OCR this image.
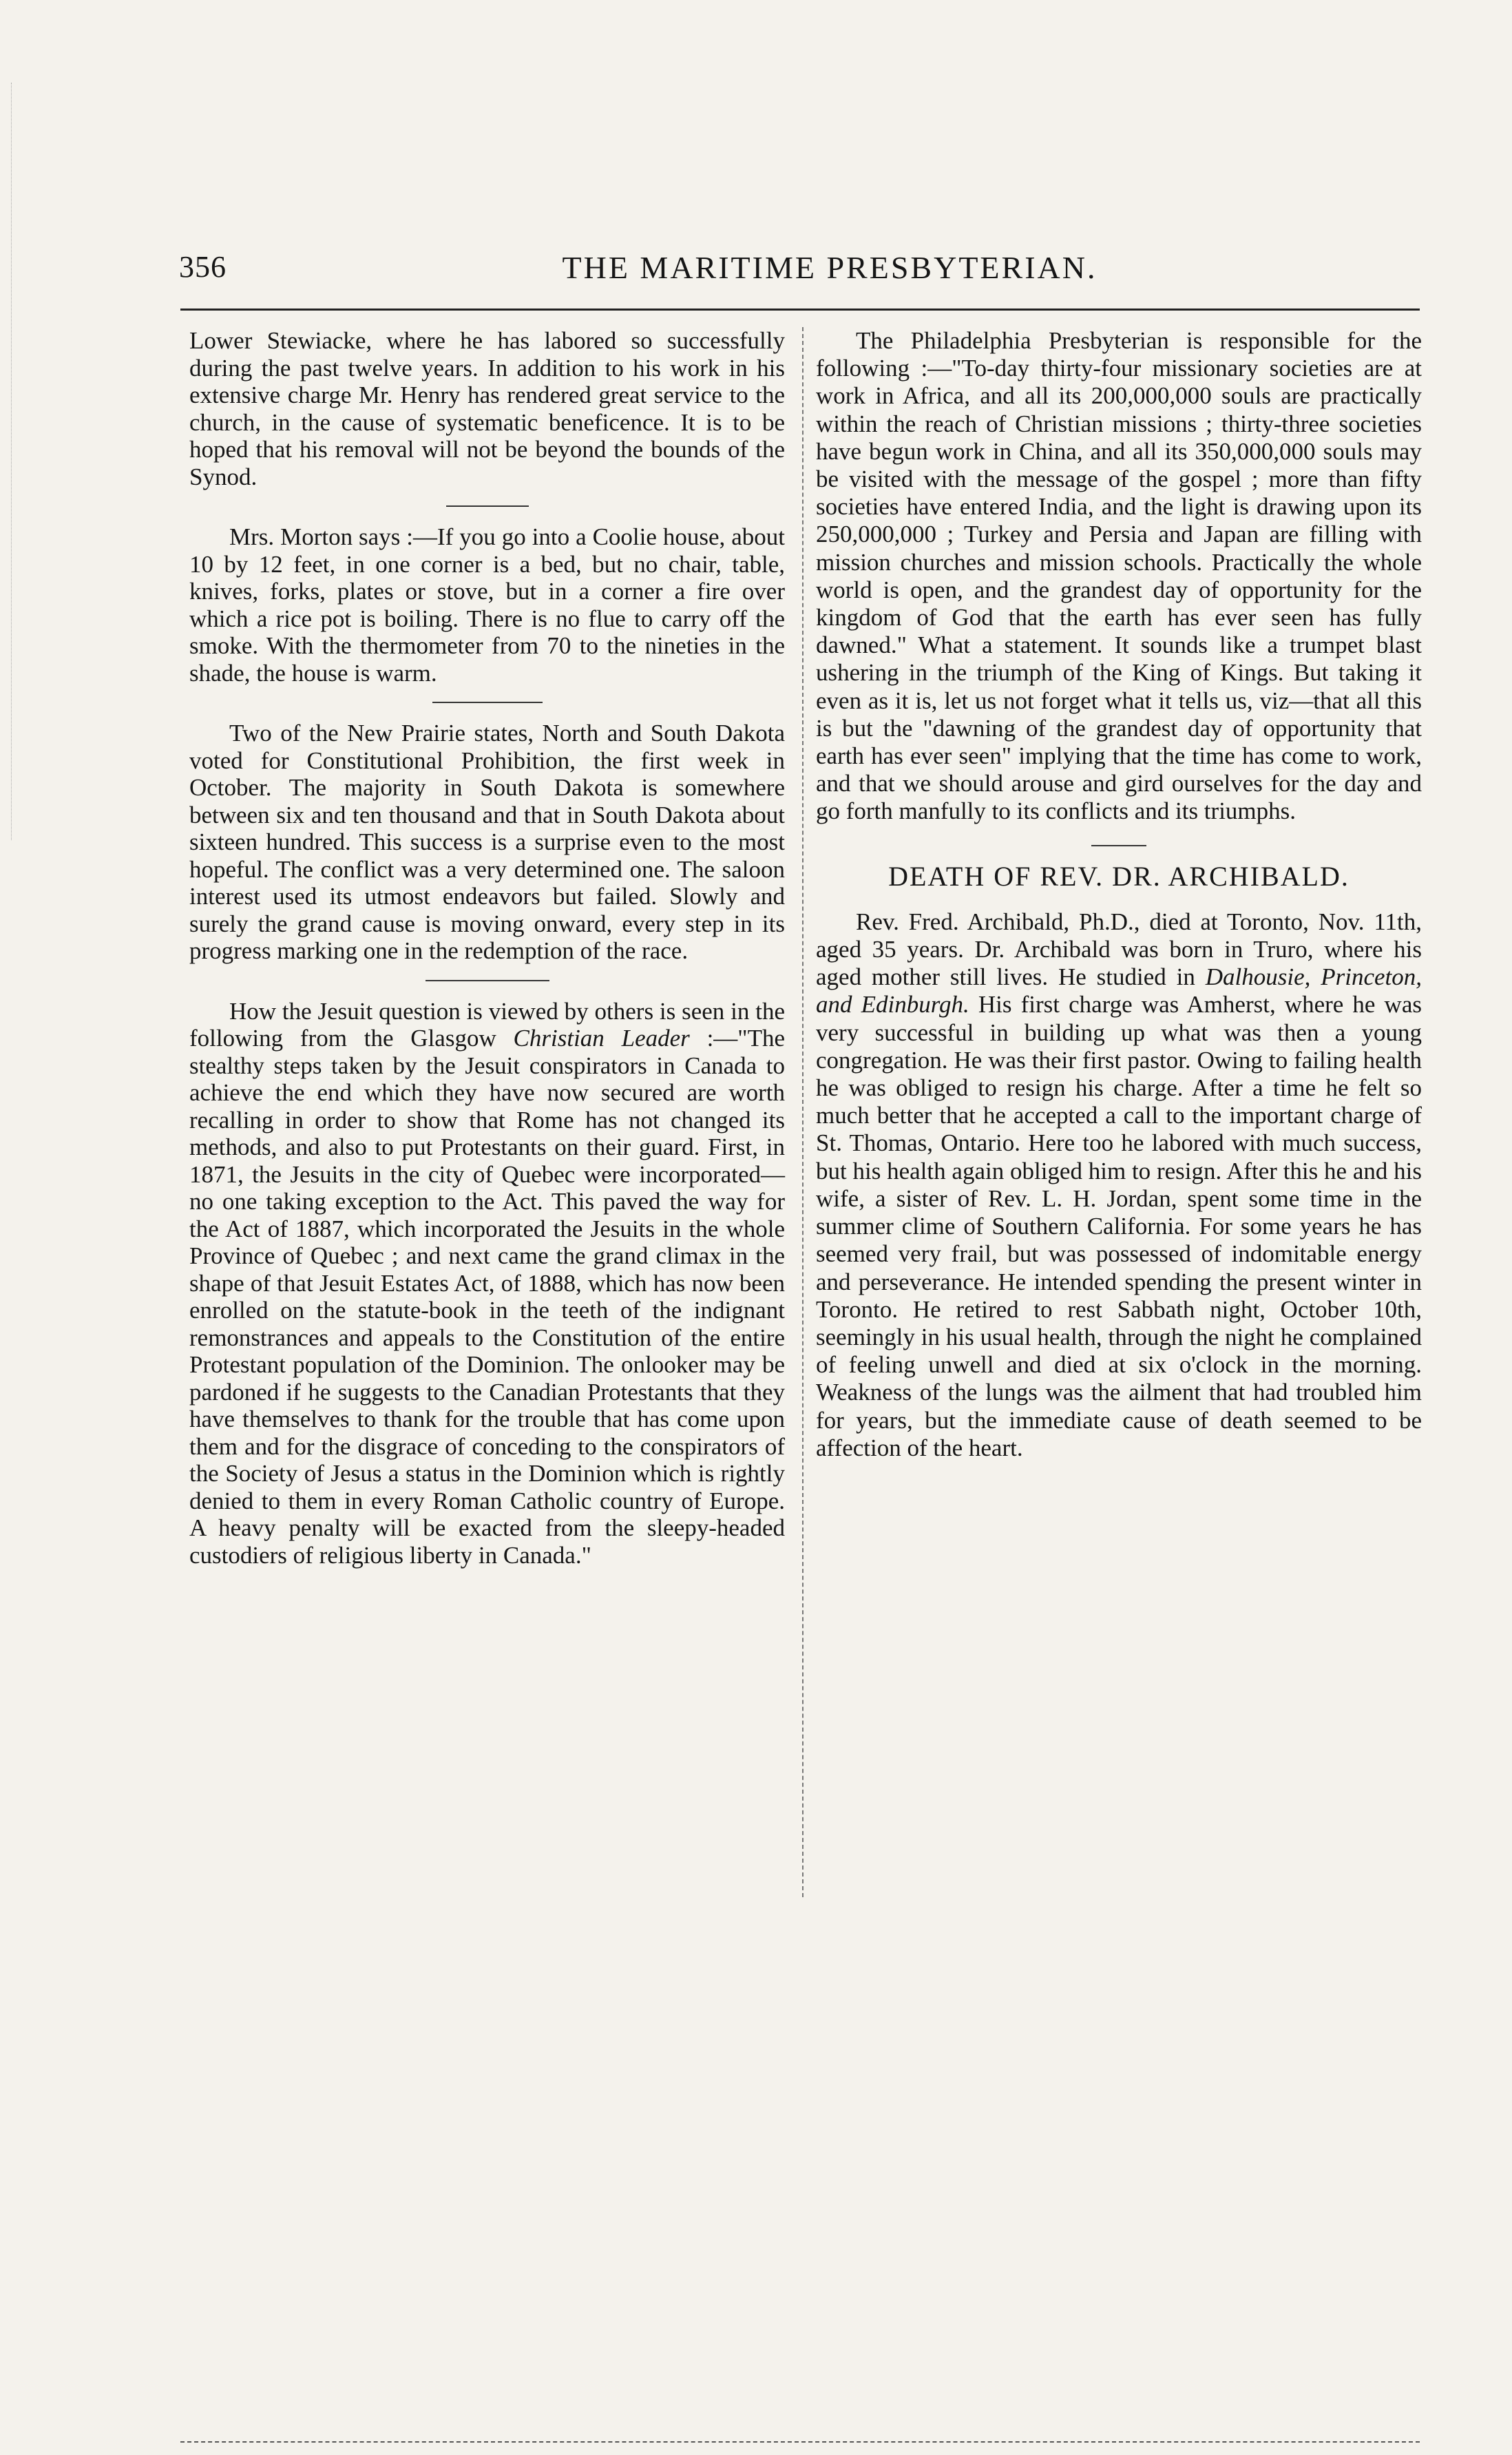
356	THE MARITIME PRESBYTERIAN.

Lower Stewiacke, where he has labored so successfully during the past twelve years. In addition to his work in his extensive charge Mr. Henry has rendered great service to the church, in the cause of systematic beneficence. It is to be hoped that his removal will not be beyond the bounds of the Synod.

Mrs. Morton says :—If you go into a Coolie house, about 10 by 12 feet, in one corner is a bed, but no chair, table, knives, forks, plates or stove, but in a corner a fire over which a rice pot is boiling. There is no flue to carry off the smoke. With the thermometer from 70 to the nineties in the shade, the house is warm.

Two of the New Prairie states, North and South Dakota voted for Constitutional Prohibition, the first week in October. The majority in South Dakota is somewhere between six and ten thousand and that in South Dakota about sixteen hundred. This success is a surprise even to the most hopeful. The conflict was a very determined one. The saloon interest used its utmost endeavors but failed. Slowly and surely the grand cause is moving onward, every step in its progress marking one in the redemption of the race.

How the Jesuit question is viewed by others is seen in the following from the Glasgow Christian Leader :—"The stealthy steps taken by the Jesuit conspirators in Canada to achieve the end which they have now secured are worth recalling in order to show that Rome has not changed its methods, and also to put Protestants on their guard. First, in 1871, the Jesuits in the city of Quebec were incorporated—no one taking exception to the Act. This paved the way for the Act of 1887, which incorporated the Jesuits in the whole Province of Quebec ; and next came the grand climax in the shape of that Jesuit Estates Act, of 1888, which has now been enrolled on the statute-book in the teeth of the indignant remonstrances and appeals to the Constitution of the entire Protestant population of the Dominion. The onlooker may be pardoned if he suggests to the Canadian Protestants that they have themselves to thank for the trouble that has come upon them and for the disgrace of conceding to the conspirators of the Society of Jesus a status in the Dominion which is rightly denied to them in every Roman Catholic country of Europe. A heavy penalty will be exacted from the sleepy-headed custodiers of religious liberty in Canada."

The Philadelphia Presbyterian is responsible for the following :—"To-day thirty-four missionary societies are at work in Africa, and all its 200,000,000 souls are practically within the reach of Christian missions ; thirty-three societies have begun work in China, and all its 350,000,000 souls may be visited with the message of the gospel ; more than fifty societies have entered India, and the light is drawing upon its 250,000,000 ; Turkey and Persia and Japan are filling with mission churches and mission schools. Practically the whole world is open, and the grandest day of opportunity for the kingdom of God that the earth has ever seen has fully dawned." What a statement. It sounds like a trumpet blast ushering in the triumph of the King of Kings. But taking it even as it is, let us not forget what it tells us, viz—that all this is but the "dawning of the grandest day of opportunity that earth has ever seen" implying that the time has come to work, and that we should arouse and gird ourselves for the day and go forth manfully to its conflicts and its triumphs.

DEATH OF REV. DR. ARCHIBALD.

Rev. Fred. Archibald, Ph.D., died at Toronto, Nov. 11th, aged 35 years. Dr. Archibald was born in Truro, where his aged mother still lives. He studied in Dalhousie, Princeton, and Edinburgh. His first charge was Amherst, where he was very successful in building up what was then a young congregation. He was their first pastor. Owing to failing health he was obliged to resign his charge. After a time he felt so much better that he accepted a call to the important charge of St. Thomas, Ontario. Here too he labored with much success, but his health again obliged him to resign. After this he and his wife, a sister of Rev. L. H. Jordan, spent some time in the summer clime of Southern California. For some years he has seemed very frail, but was possessed of indomitable energy and perseverance. He intended spending the present winter in Toronto. He retired to rest Sabbath night, October 10th, seemingly in his usual health, through the night he complained of feeling unwell and died at six o'clock in the morning. Weakness of the lungs was the ailment that had troubled him for years, but the immediate cause of death seemed to be affection of the heart.
